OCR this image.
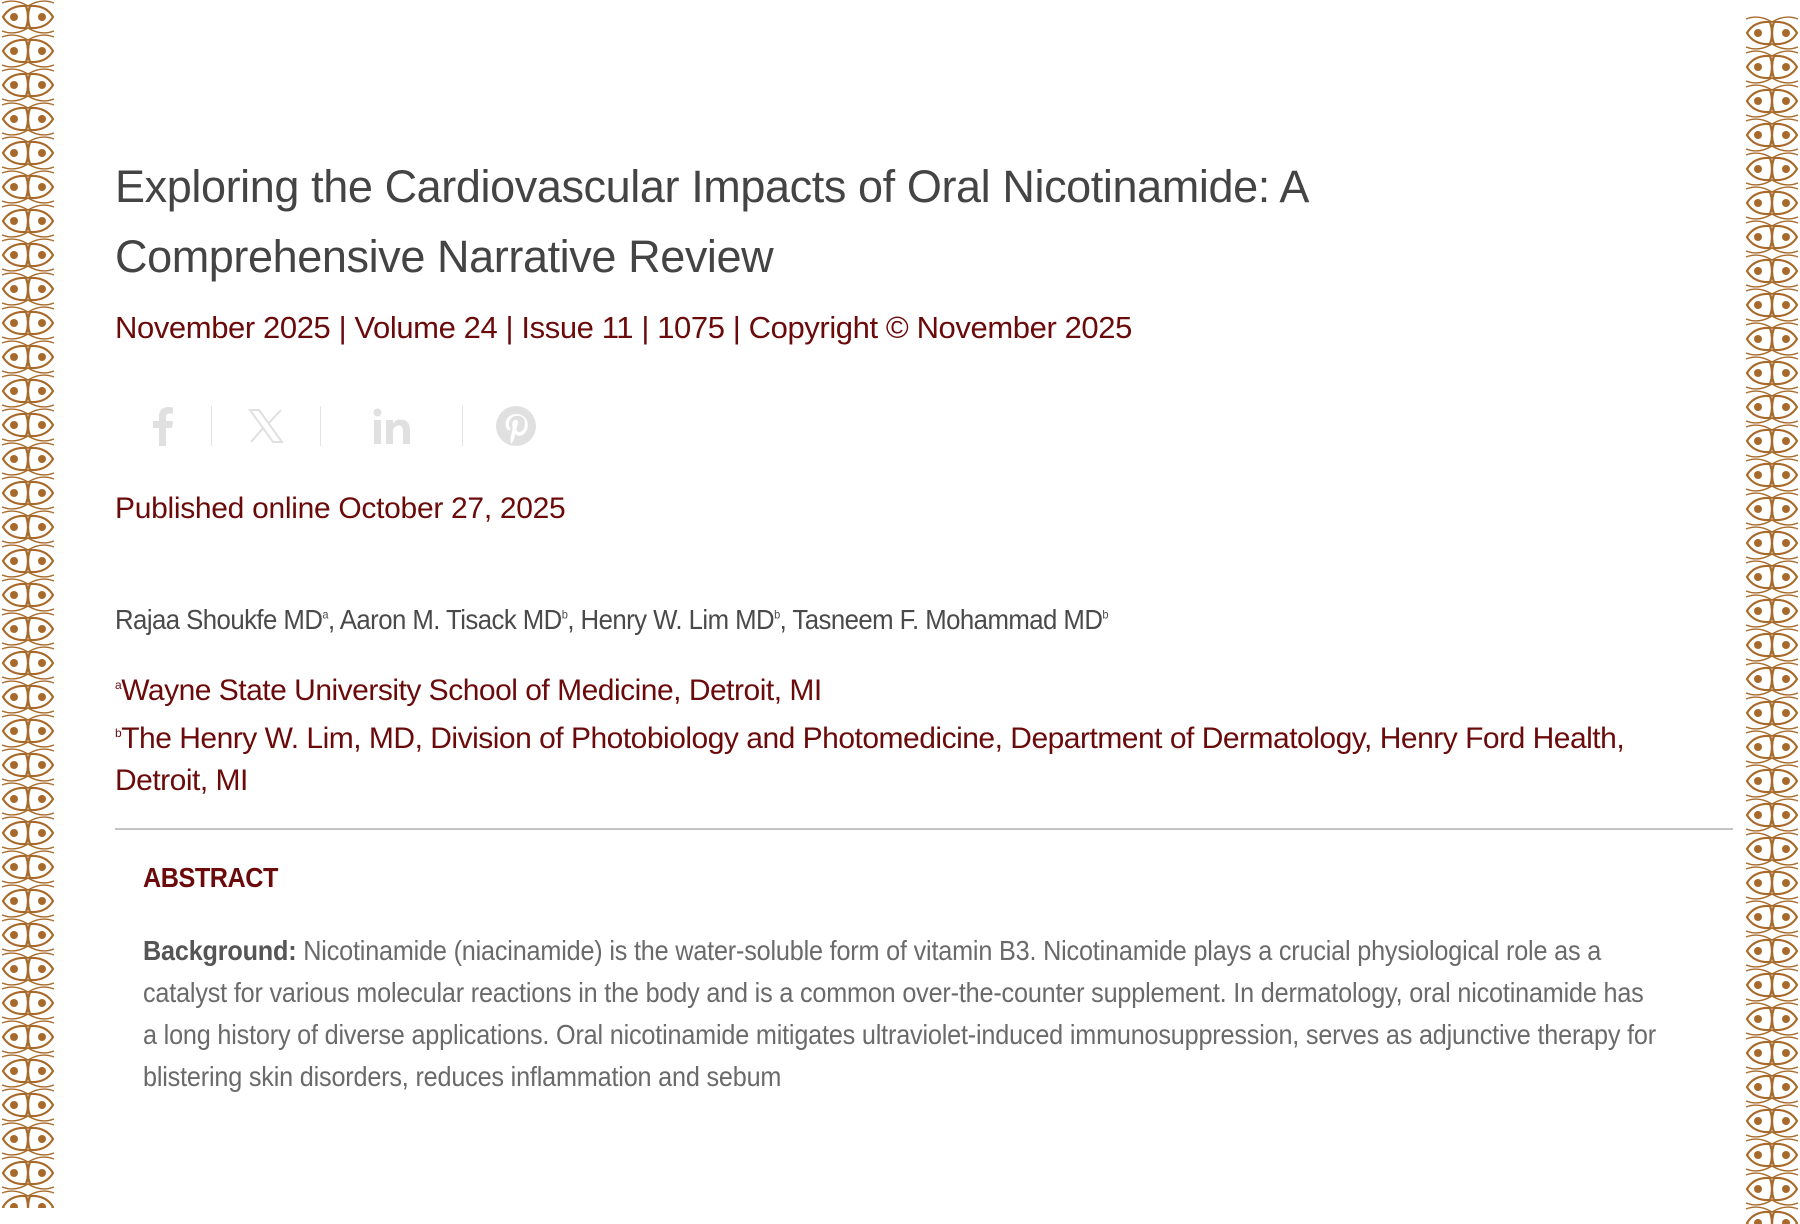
Exploring the Cardiovascular Impacts of Oral Nicotinamide: A Comprehensive Narrative Review
November 2025 | Volume 24 | Issue 11 | 1075 | Copyright © November 2025
Published online October 27, 2025
Rajaa Shoukfe $MD^a$, Aaron M. Tisack $MD^b$, Henry W. Lim $MD^b$, Tasneem F. Mohammad $MD^b$
$^a$Wayne State University School of Medicine, Detroit, MI
$^b$The Henry W. Lim, MD, Division of Photobiology and Photomedicine, Department of Dermatology, Henry Ford Health, Detroit, MI
ABSTRACT
Background: Nicotinamide (niacinamide) is the water-soluble form of vitamin B3. Nicotinamide plays a crucial physiological role as a catalyst for various molecular reactions in the body and is a common over-the-counter supplement. In dermatology, oral nicotinamide has a long history of diverse applications. Oral nicotinamide mitigates ultraviolet-induced immunosuppression, serves as adjunctive therapy for blistering skin disorders, reduces inflammation and sebum
